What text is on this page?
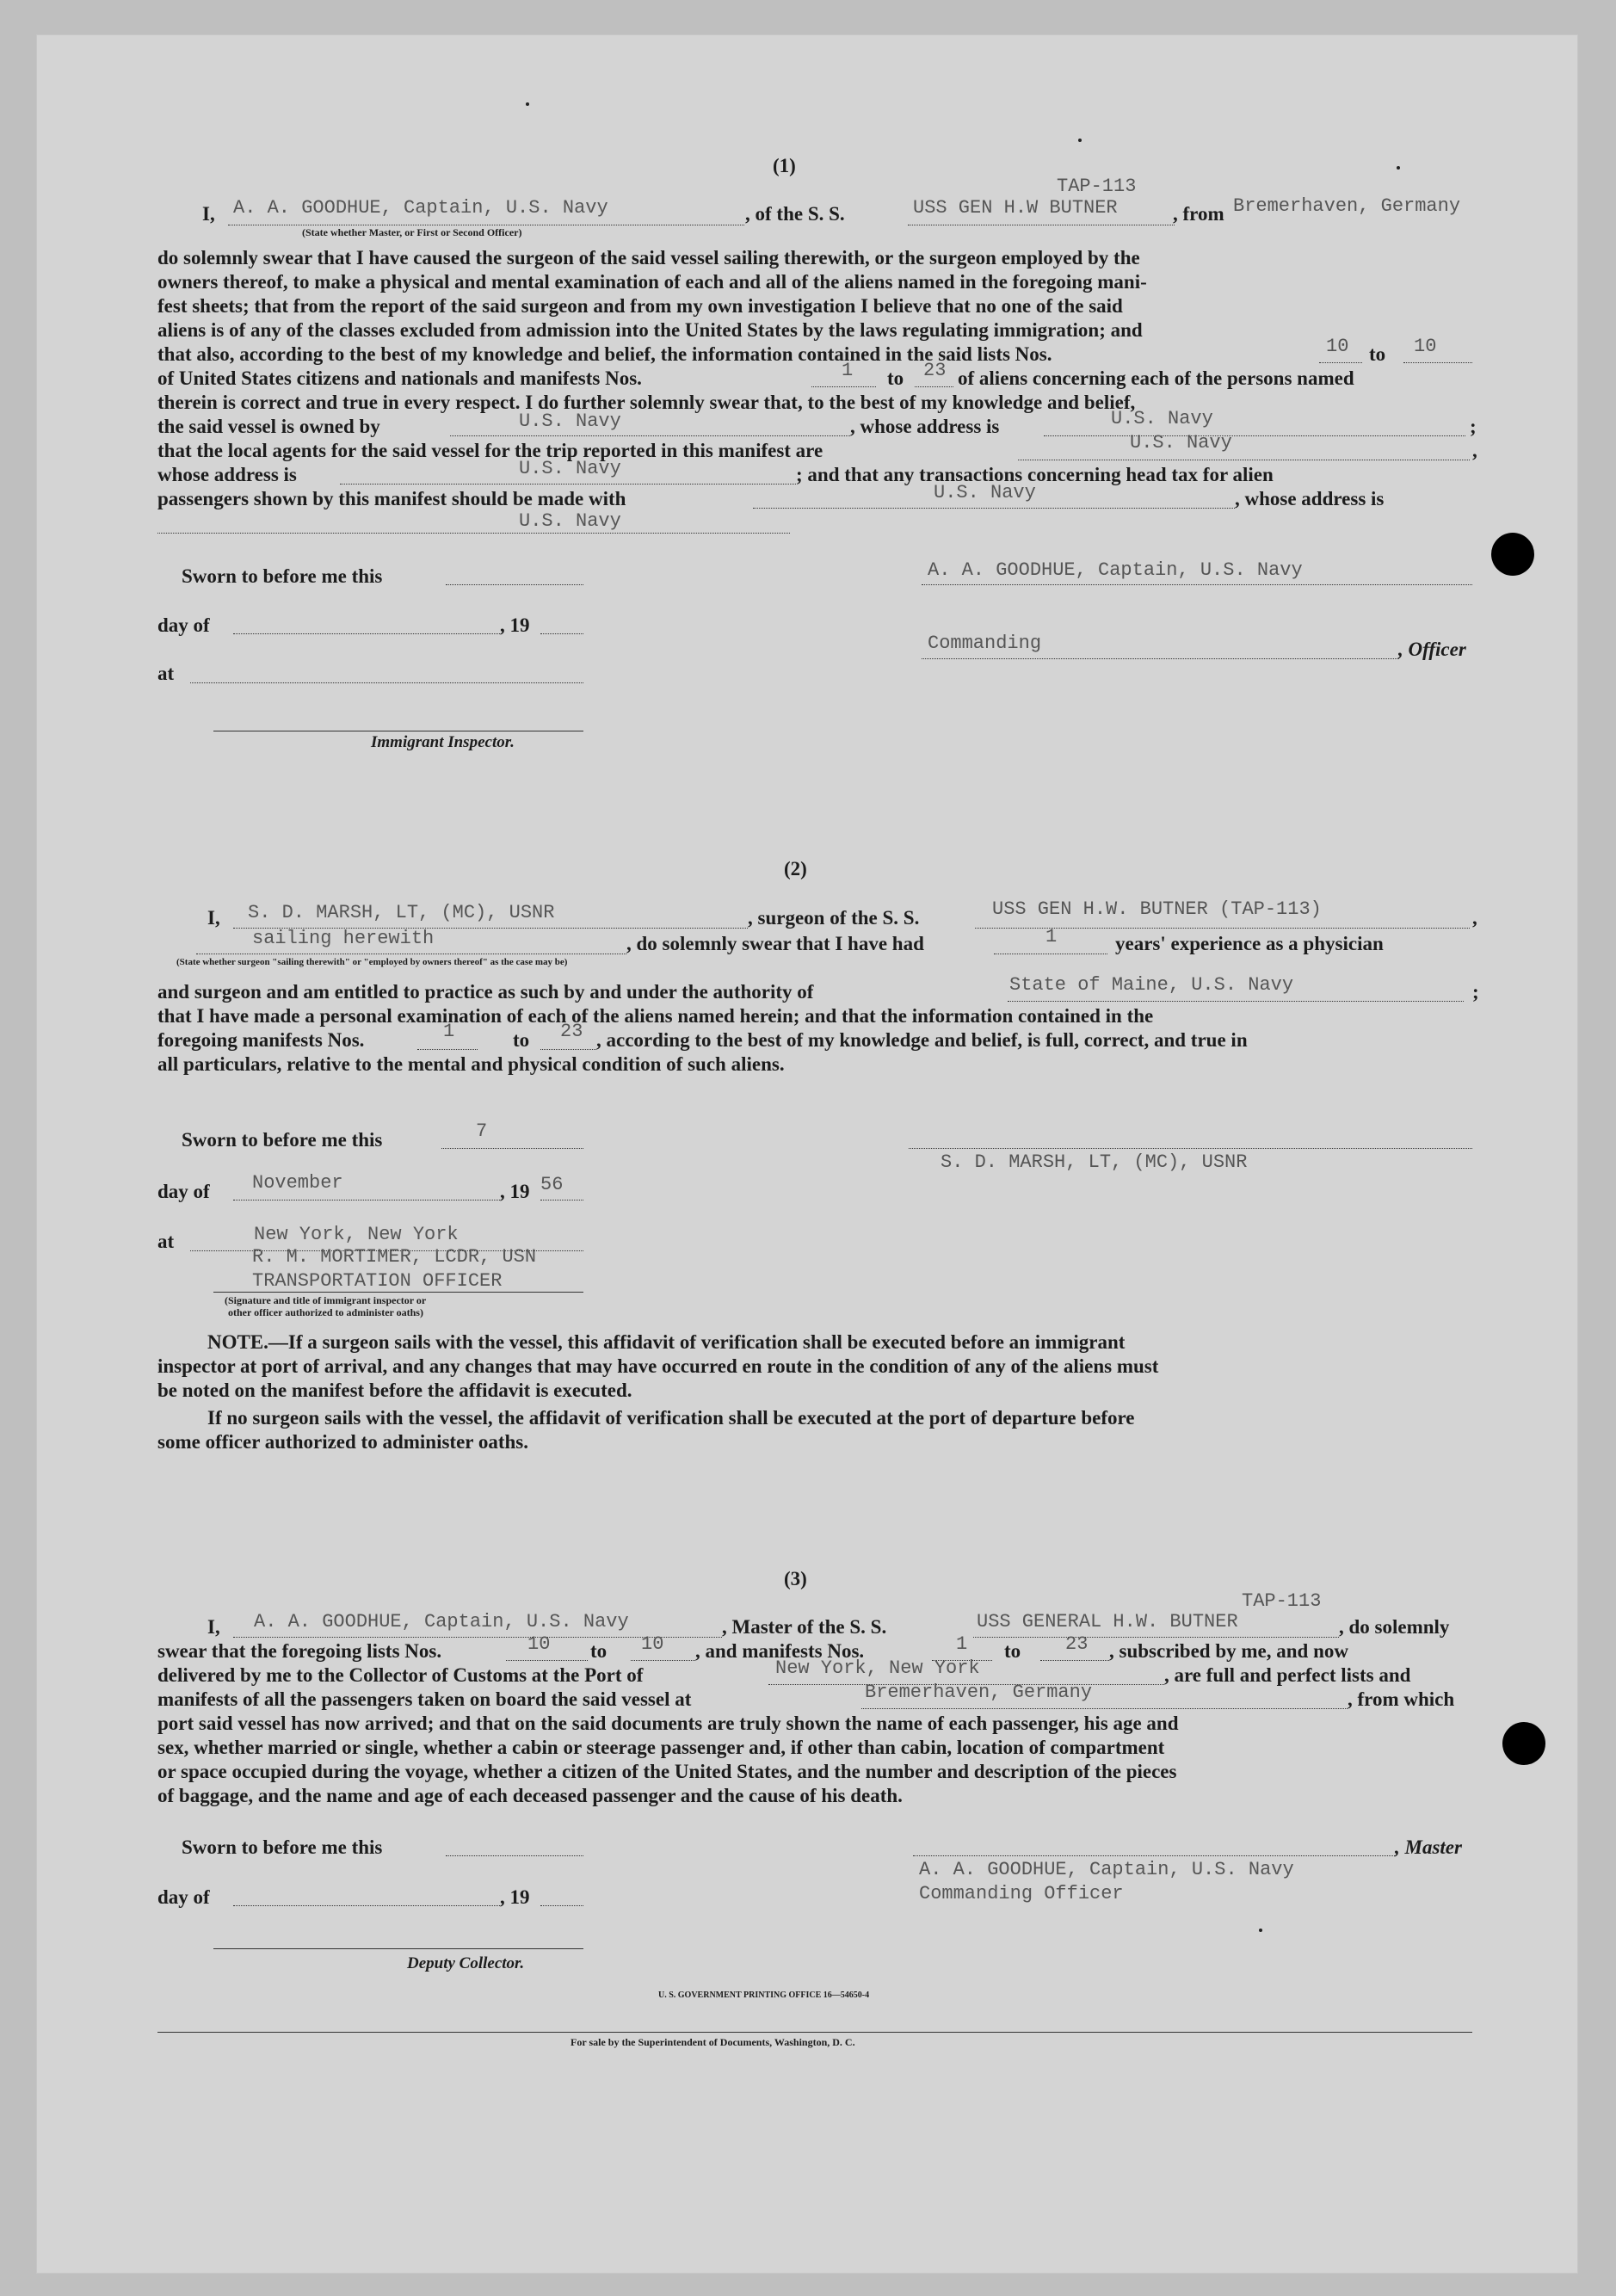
(1)
I, A. A. GOODHUE, Captain, U.S. Navy
(State whether Master, or First or Second Officer)
, of the S. S.
TAP-113
USS GEN H.W BUTNER	, from Bremerhaven, Germany
do solemnly swear that I have caused the surgeon of the said vessel sailing therewith, or the surgeon employed by the
owners thereof, to make a physical and mental examination of each and all of the aliens named in the foregoing mani-
fest sheets; that from the report of the said surgeon and from my own investigation I believe that no one of the said
aliens is of any of the classes excluded from admission into the United States by the laws regulating immigration; and
that also, according to the best of my knowledge and belief, the information contained in the said lists Nos.	10 to 10
of United States citizens and nationals and manifests Nos.	1 to 23 of aliens concerning each of the persons named
therein is correct and true in every respect. I do further solemnly swear that, to the best of my knowledge and belief,
the said vessel is owned by	U.S. Navy	, whose address is	U.S. Navy	;
that the local agents for the said vessel for the trip reported in this manifest are	U.S. Navy	,
whose address is	U.S. Navy	; and that any transactions concerning head tax for alien
passengers shown by this manifest should be made with	U.S. Navy	, whose address is
U.S. Navy
Sworn to before me this
day of	, 19
at
Immigrant Inspector.
A. A. GOODHUE, Captain, U.S. Navy
Commanding	, Officer
(2)
I, S. D. MARSH, LT, (MC), USNR	, surgeon of the S. S.	USS GEN H.W. BUTNER (TAP-113)	,
sailing herewith	, do solemnly swear that I have had	1	years' experience as a physician
(State whether surgeon "sailing therewith" or "employed by owners thereof" as the case may be)
and surgeon and am entitled to practice as such by and under the authority of	State of Maine, U.S. Navy	;
that I have made a personal examination of each of the aliens named herein; and that the information contained in the
foregoing manifests Nos.	1	to 23 , according to the best of my knowledge and belief, is full, correct, and true in
all particulars, relative to the mental and physical condition of such aliens.
Sworn to before me this	7
day of November	, 19 56
at	New York, New York
R. M. MORTIMER, LCDR, USN
TRANSPORTATION OFFICER
(Signature and title of immigrant inspector or
other officer authorized to administer oaths)
S. D. MARSH, LT, (MC), USNR
NOTE.—If a surgeon sails with the vessel, this affidavit of verification shall be executed before an immigrant
inspector at port of arrival, and any changes that may have occurred en route in the condition of any of the aliens must
be noted on the manifest before the affidavit is executed.
If no surgeon sails with the vessel, the affidavit of verification shall be executed at the port of departure before
some officer authorized to administer oaths.
(3)
I, A. A. GOODHUE, Captain, U.S. Navy	, Master of the S. S.
TAP-113
USS GENERAL H.W. BUTNER	, do solemnly
swear that the foregoing lists Nos.	10 to 10 , and manifests Nos.	1 to 23 , subscribed by me, and now
delivered by me to the Collector of Customs at the Port of	New York, New York	, are full and perfect lists and
manifests of all the passengers taken on board the said vessel at	Bremerhaven, Germany	, from which
port said vessel has now arrived; and that on the said documents are truly shown the name of each passenger, his age and
sex, whether married or single, whether a cabin or steerage passenger and, if other than cabin, location of compartment
or space occupied during the voyage, whether a citizen of the United States, and the number and description of the pieces
of baggage, and the name and age of each deceased passenger and the cause of his death.
Sworn to before me this
day of	, 19
Deputy Collector.
, Master
A. A. GOODHUE, Captain, U.S. Navy
Commanding Officer
U. S. GOVERNMENT PRINTING OFFICE 16—54650-4
For sale by the Superintendent of Documents, Washington, D. C.
